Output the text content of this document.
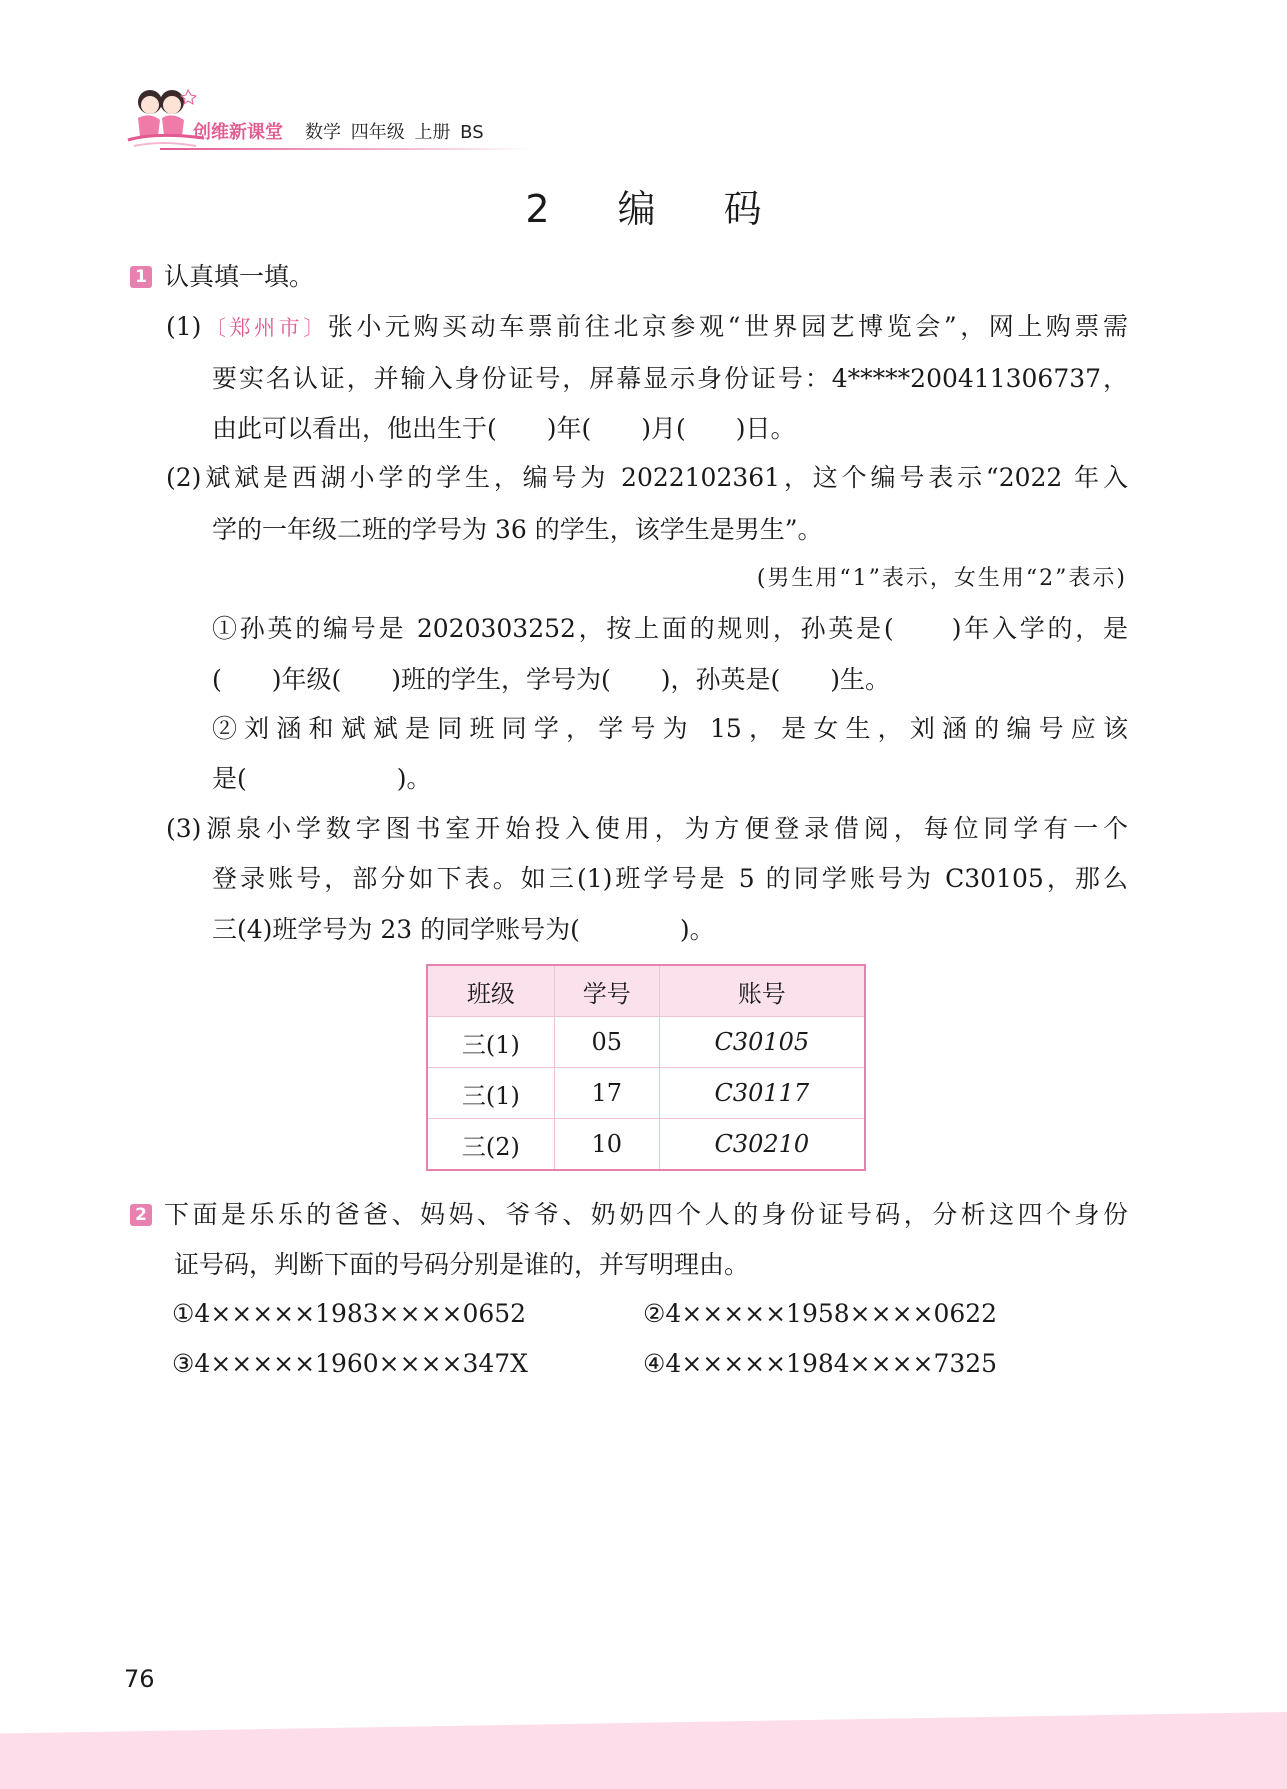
创维新课堂 数学 四年级 上册 BS
2 编 码
1 认真填一填。
(1)〔郑州市〕张小元购买动车票前往北京参观“世界园艺博览会”，网上购票需
要实名认证，并输入身份证号，屏幕显示身份证号：4*****200411306737，
由此可以看出，他出生于(　　)年(　　)月(　　)日。
(2)斌斌是西湖小学的学生，编号为 2022102361，这个编号表示“2022 年入
学的一年级二班的学号为 36 的学生，该学生是男生”。
(男生用“1”表示，女生用“2”表示)
①孙英的编号是 2020303252，按上面的规则，孙英是(　　)年入学的，是
(　　)年级(　　)班的学生，学号为(　　)，孙英是(　　)生。
②刘涵和斌斌是同班同学，学号为 15，是女生，刘涵的编号应该
是(　　　　　　)。
(3)源泉小学数字图书室开始投入使用，为方便登录借阅，每位同学有一个
登录账号，部分如下表。如三(1)班学号是 5 的同学账号为 C30105，那么
三(4)班学号为 23 的同学账号为(　　　　)。
班级	学号	账号
三(1)	05	C30105
三(1)	17	C30117
三(2)	10	C30210
2 下面是乐乐的爸爸、妈妈、爷爷、奶奶四个人的身份证号码，分析这四个身份
证号码，判断下面的号码分别是谁的，并写明理由。
①4×××××1983××××0652	②4×××××1958××××0622
③4×××××1960××××347X	④4×××××1984××××7325
76
